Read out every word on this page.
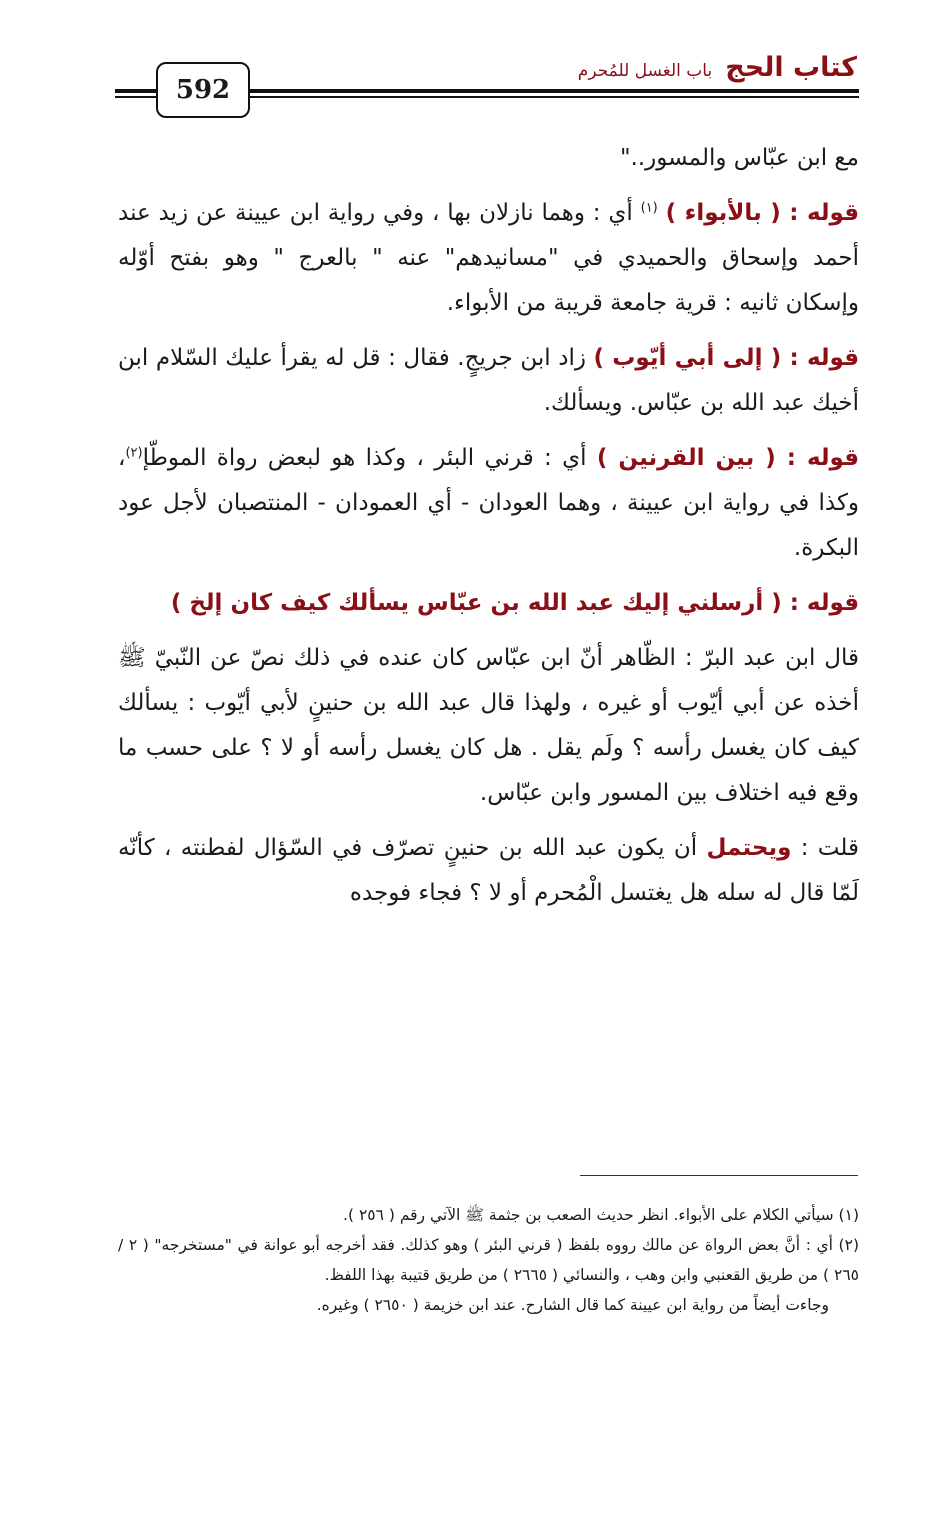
كتاب الحج باب الغسل للمُحرم
592

مع ابن عبّاس والمسور.."

قوله : ( بالأبواء ) $^{(١)}$ أي : وهما نازلان بها ، وفي رواية ابن عيينة عن زيد عند أحمد وإسحاق والحميدي في "مسانيدهم" عنه " بالعرج " وهو بفتح أوّله وإسكان ثانيه : قرية جامعة قريبة من الأبواء.

قوله : ( إلى أبي أيّوب ) زاد ابن جريجٍ. فقال : قل له يقرأ عليك السّلام ابن أخيك عبد الله بن عبّاس. ويسألك.

قوله : ( بين القرنين ) أي : قرني البئر ، وكذا هو لبعض رواة الموطّإ$^{(٢)}$، وكذا في رواية ابن عيينة ، وهما العودان - أي العمودان - المنتصبان لأجل عود البكرة.

قوله : ( أرسلني إليك عبد الله بن عبّاس يسألك كيف كان إلخ )

قال ابن عبد البرّ : الظّاهر أنّ ابن عبّاس كان عنده في ذلك نصّ عن النّبيّ ﷺ أخذه عن أبي أيّوب أو غيره ، ولهذا قال عبد الله بن حنينٍ لأبي أيّوب : يسألك كيف كان يغسل رأسه ؟ ولَم يقل . هل كان يغسل رأسه أو لا ؟ على حسب ما وقع فيه اختلاف بين المسور وابن عبّاس.

قلت : ويحتمل أن يكون عبد الله بن حنينٍ تصرّف في السّؤال لفطنته ، كأنّه لَمّا قال له سله هل يغتسل الْمُحرم أو لا ؟ فجاء فوجده

(١) سيأتي الكلام على الأبواء. انظر حديث الصعب بن جثمة ﷺ الآتي رقم ( ٢٥٦ ).

(٢) أي : أنَّ بعض الرواة عن مالك رووه بلفظ ( قرني البئر ) وهو كذلك. فقد أخرجه أبو عوانة في "مستخرجه" ( ٢ / ٢٦٥ ) من طريق القعنبي وابن وهب ، والنسائي ( ٢٦٦٥ ) من طريق قتيبة بهذا اللفظ.

وجاءت أيضاً من رواية ابن عيينة كما قال الشارح. عند ابن خزيمة ( ٢٦٥٠ ) وغيره.
